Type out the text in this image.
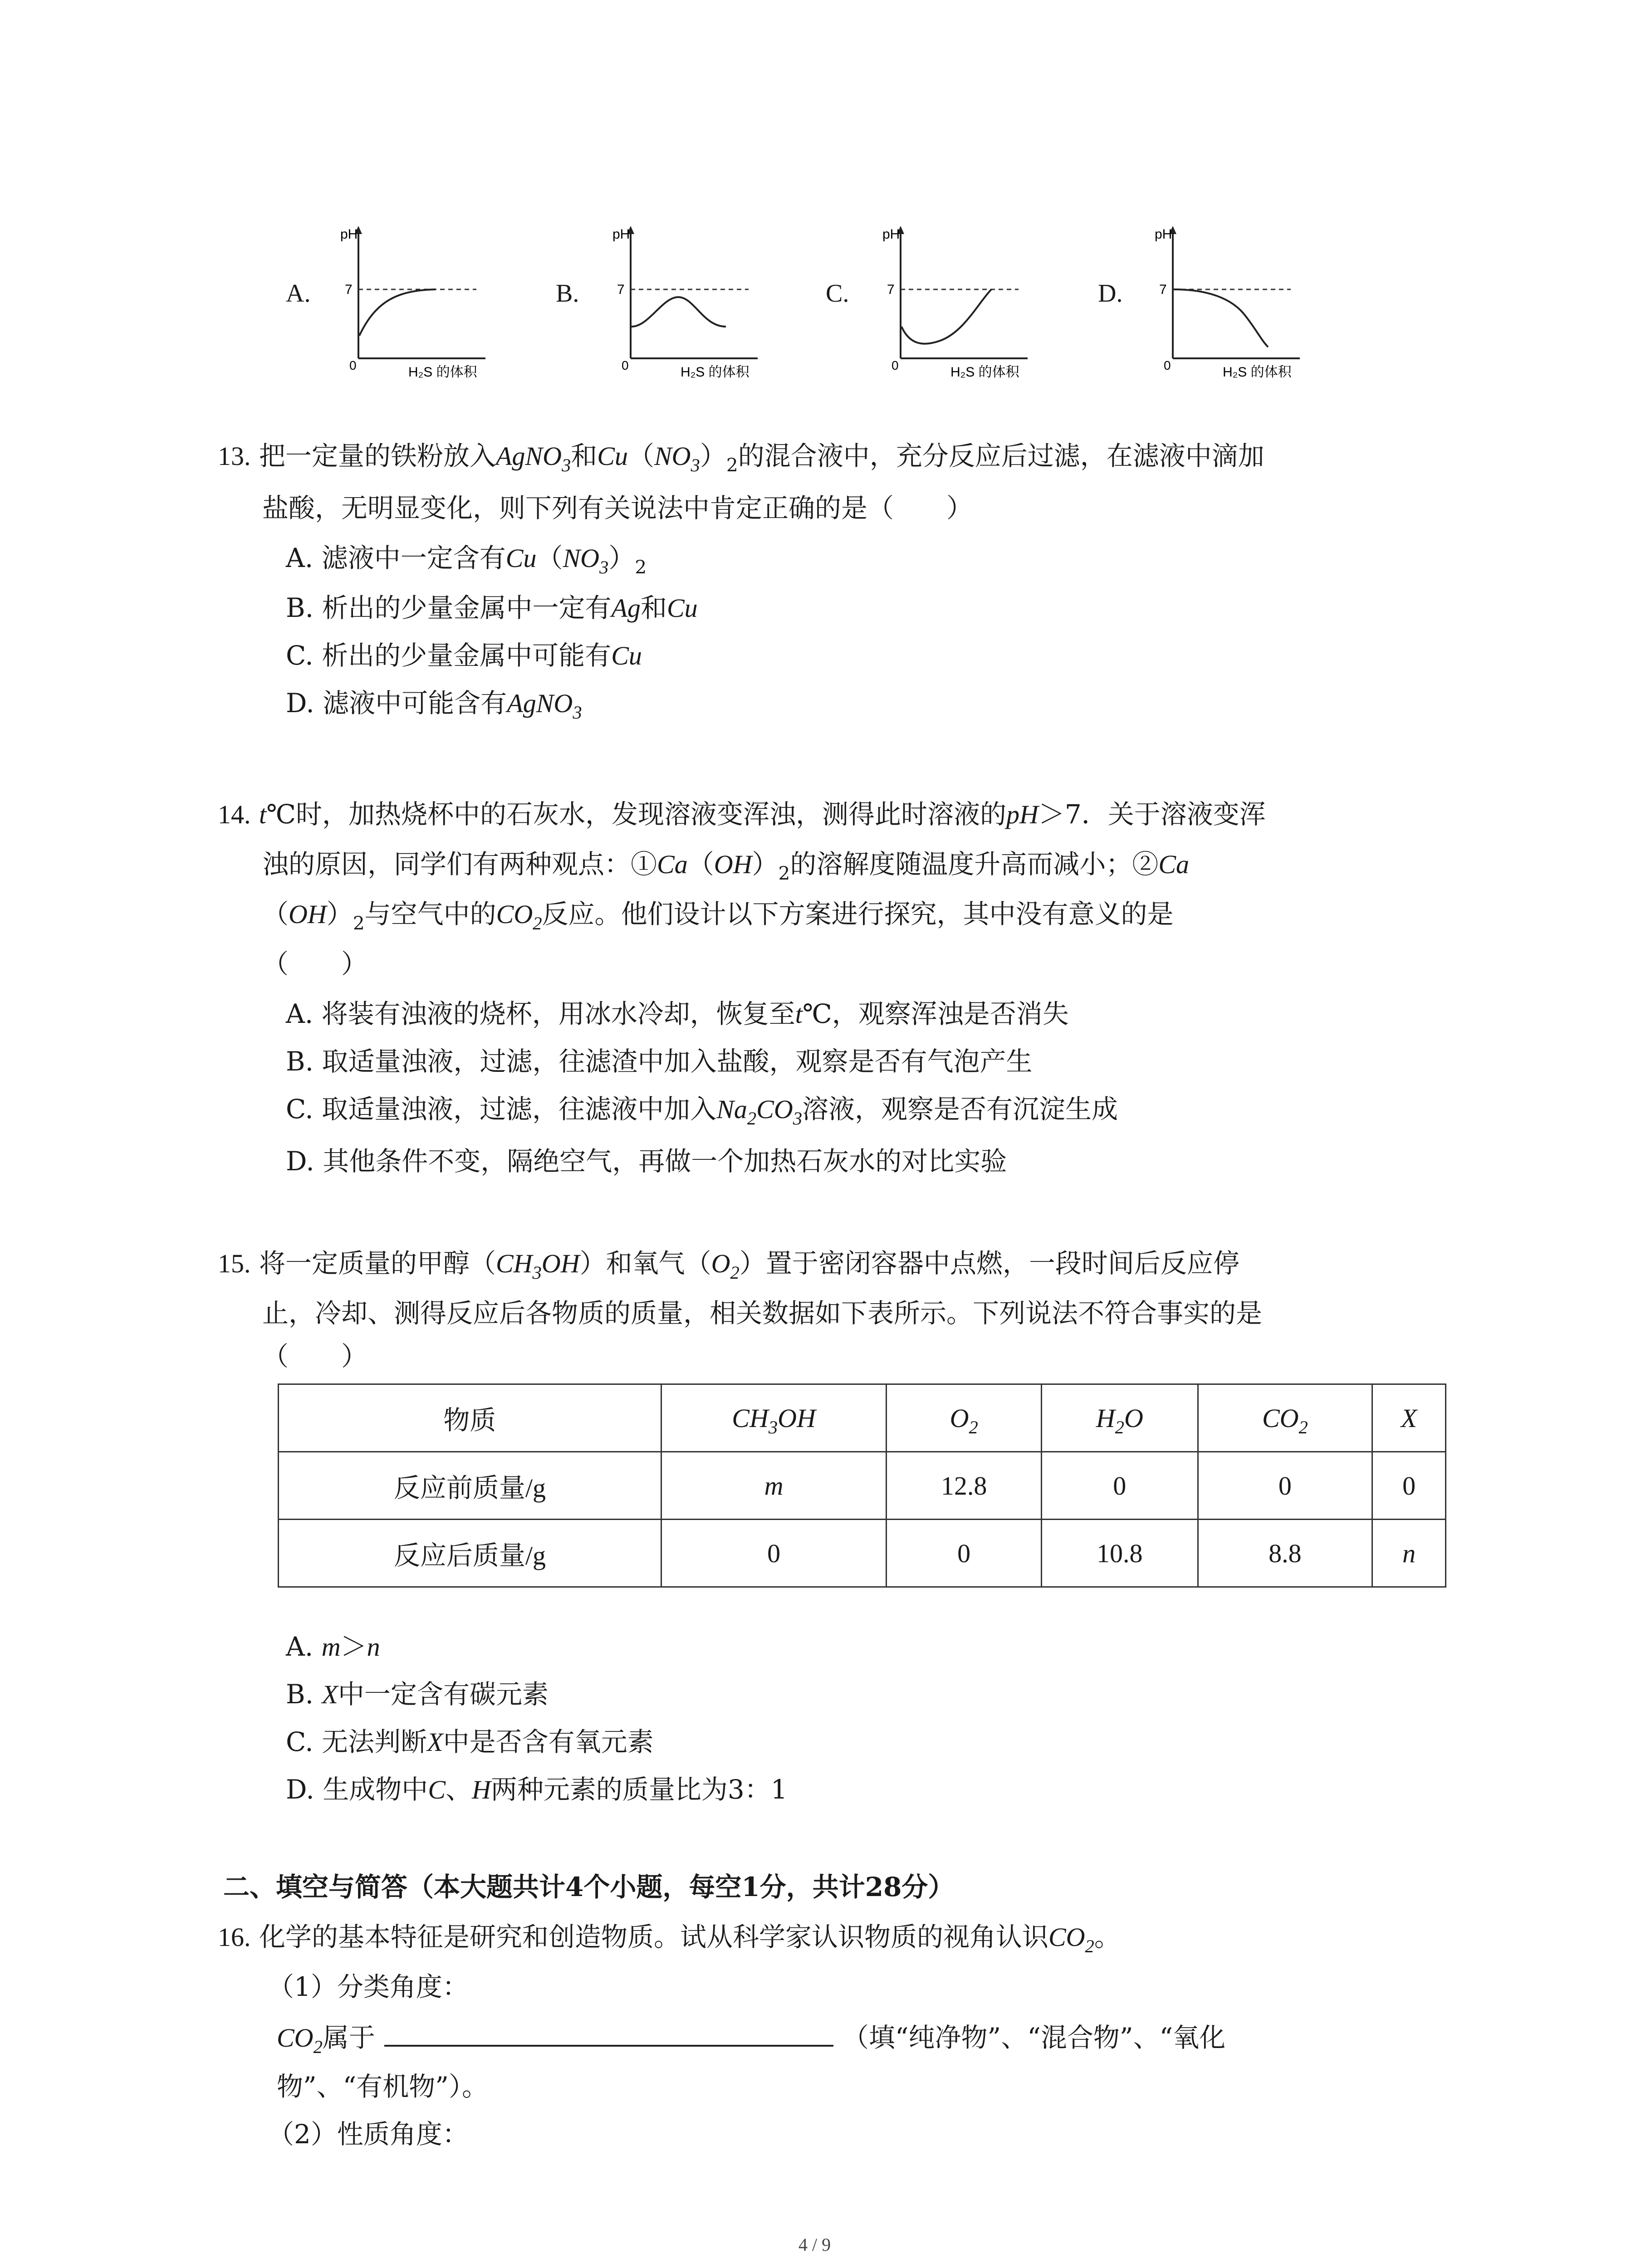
A.
pH
7
0	H₂S 的体积
B.
pH
7
0	H₂S 的体积
C.
pH
7
0	H₂S 的体积
D.
pH
7
0	H₂S 的体积
13. 把一定量的铁粉放入AgNO$_3$和$Cu(NO_3)_2$的混合液中，充分反应后过滤，在滤液中滴加
盐酸，无明显变化，则下列有关说法中肯定正确的是（　　）
A. 滤液中一定含有$Cu(NO_3)_2$
B. 析出的少量金属中一定有Ag和Cu
C. 析出的少量金属中可能有Cu
D. 滤液中可能含有AgNO$_3$
14. t℃时，加热烧杯中的石灰水，发现溶液变浑浊，测得此时溶液的pH＞7．关于溶液变浑
浊的原因，同学们有两种观点：$①Ca(OH)_2$的溶解度随温度升高而减小；②Ca
$(OH)_2$与空气中的$CO_2$反应。他们设计以下方案进行探究，其中没有意义的是
（　　）
A. 将装有浊液的烧杯，用冰水冷却，恢复至t℃，观察浑浊是否消失
B. 取适量浊液，过滤，往滤渣中加入盐酸，观察是否有气泡产生
C. 取适量浊液，过滤，往滤液中加入$Na_2CO_3$溶液，观察是否有沉淀生成
D. 其他条件不变，隔绝空气，再做一个加热石灰水的对比实验
15. 将一定质量的甲醇$(CH_3OH)$和氧气$(O_2)$置于密闭容器中点燃，一段时间后反应停
止，冷却、测得反应后各物质的质量，相关数据如下表所示。下列说法不符合事实的是
（　　）
物质	$CH_3OH$	$O_2$	$H_2O$	$CO_2$	X
反应前质量/g	m	12.8	0	0	0
反应后质量/g	0	0	10.8	8.8	n
A. m＞n
B. X中一定含有碳元素
C. 无法判断X中是否含有氧元素
D. 生成物中C、H两种元素的质量比为3：1
二、填空与简答（本大题共计4个小题，每空1分，共计28分）
16. 化学的基本特征是研究和创造物质。试从科学家认识物质的视角认识$CO_2$。
（1）分类角度：
$CO_2$属于	（填“纯净物”、“混合物”、“氧化
物”、“有机物”）。
（2）性质角度：
4 / 9
